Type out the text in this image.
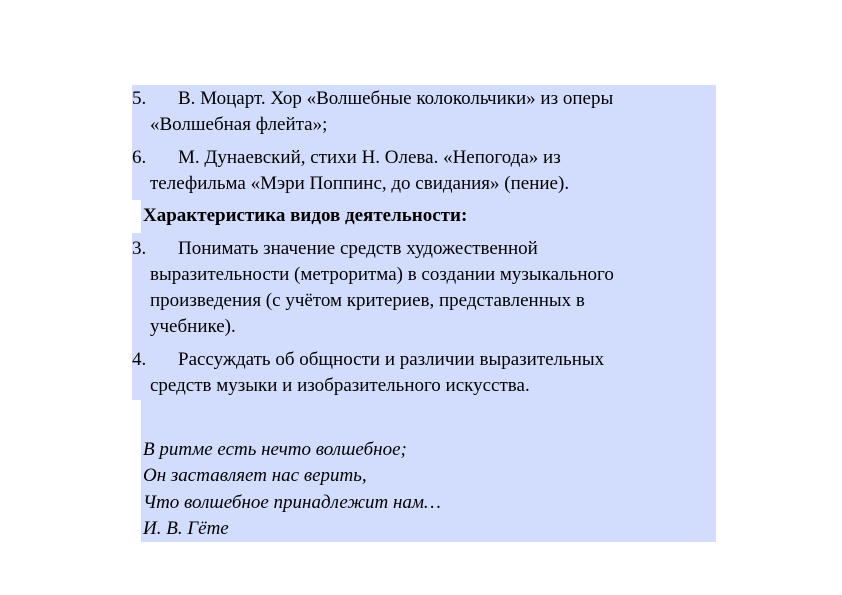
5. В. Моцарт. Хор «Волшебные колокольчики» из оперы
«Волшебная флейта»;
6. М. Дунаевский, стихи Н. Олева. «Непогода» из
телефильма «Мэри Поппинс, до свидания» (пение).
Характеристика видов деятельности:
3. Понимать значение средств художественной
выразительности (метроритма) в создании музыкального
произведения (с учётом критериев, представленных в
учебнике).
4. Рассуждать об общности и различии выразительных
средств музыки и изобразительного искусства.
В ритме есть нечто волшебное;
Он заставляет нас верить,
Что волшебное принадлежит нам…
И. В. Гёте
